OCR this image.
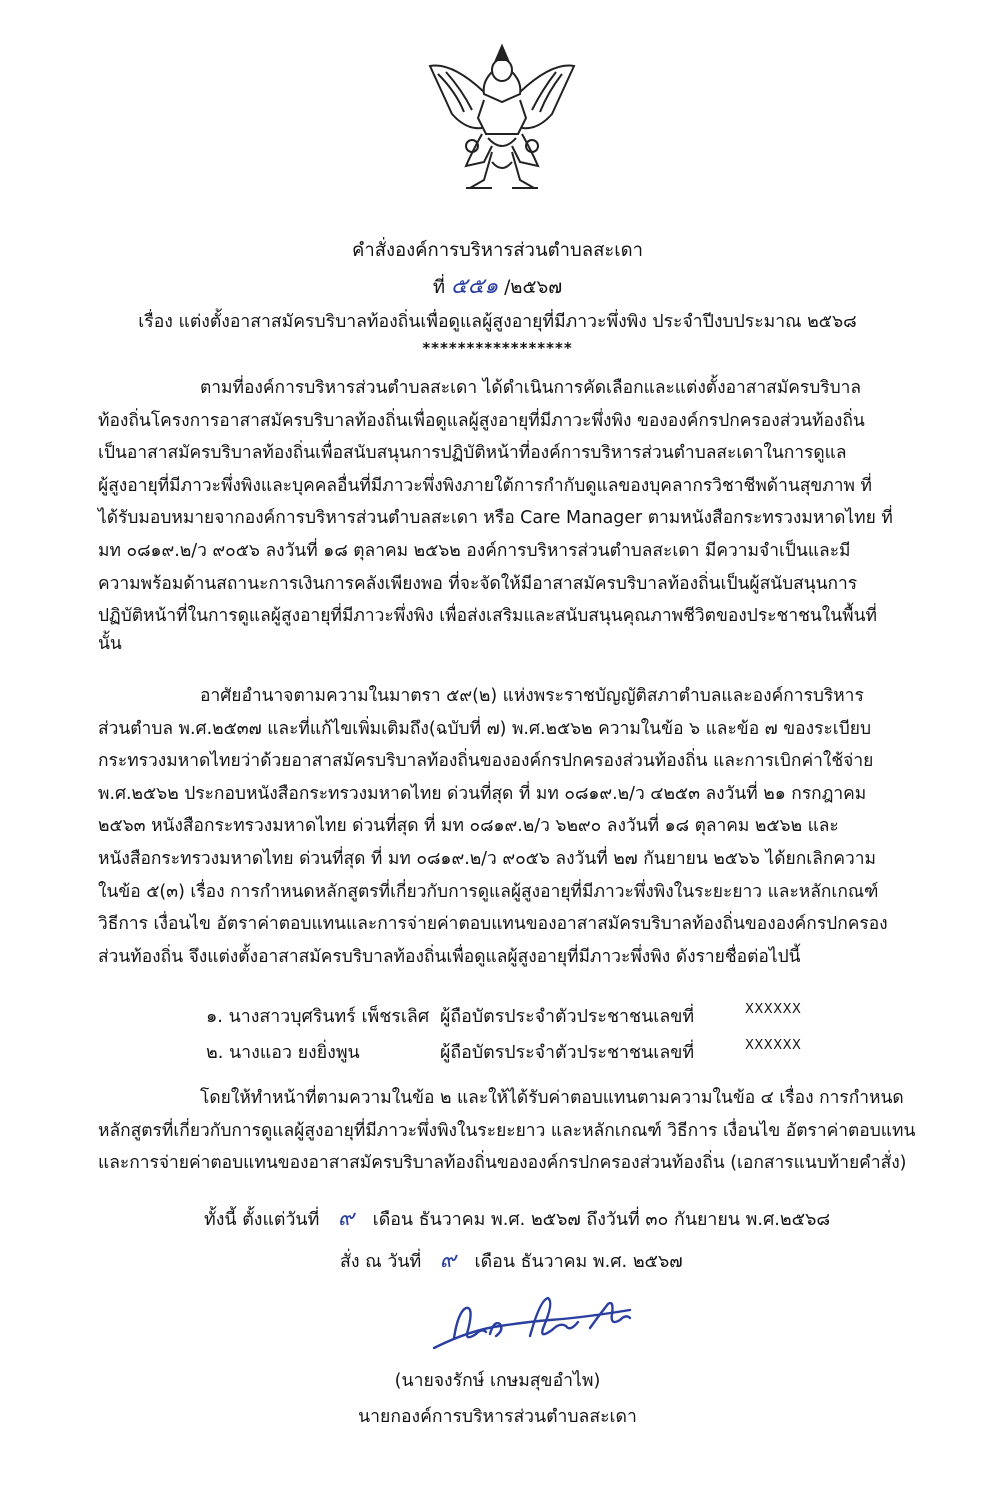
คำสั่งองค์การบริหารส่วนตำบลสะเดา
ที่ ๕๕๑ /๒๕๖๗
เรื่อง แต่งตั้งอาสาสมัครบริบาลท้องถิ่นเพื่อดูแลผู้สูงอายุที่มีภาวะพึ่งพิง ประจำปีงบประมาณ ๒๕๖๘
*****************
ตามที่องค์การบริหารส่วนตำบลสะเดา ได้ดำเนินการคัดเลือกและแต่งตั้งอาสาสมัครบริบาล
ท้องถิ่นโครงการอาสาสมัครบริบาลท้องถิ่นเพื่อดูแลผู้สูงอายุที่มีภาวะพึ่งพิง ขององค์กรปกครองส่วนท้องถิ่น
เป็นอาสาสมัครบริบาลท้องถิ่นเพื่อสนับสนุนการปฏิบัติหน้าที่องค์การบริหารส่วนตำบลสะเดาในการดูแล
ผู้สูงอายุที่มีภาวะพึ่งพิงและบุคคลอื่นที่มีภาวะพึ่งพิงภายใต้การกำกับดูแลของบุคลากรวิชาชีพด้านสุขภาพ ที่
ได้รับมอบหมายจากองค์การบริหารส่วนตำบลสะเดา หรือ Care Manager ตามหนังสือกระทรวงมหาดไทย ที่
มท ๐๘๑๙.๒/ว ๙๐๕๖ ลงวันที่ ๑๘ ตุลาคม ๒๕๖๒ องค์การบริหารส่วนตำบลสะเดา มีความจำเป็นและมี
ความพร้อมด้านสถานะการเงินการคลังเพียงพอ ที่จะจัดให้มีอาสาสมัครบริบาลท้องถิ่นเป็นผู้สนับสนุนการ
ปฏิบัติหน้าที่ในการดูแลผู้สูงอายุที่มีภาวะพึ่งพิง เพื่อส่งเสริมและสนับสนุนคุณภาพชีวิตของประชาชนในพื้นที่
นั้น
อาศัยอำนาจตามความในมาตรา ๕๙(๒) แห่งพระราชบัญญัติสภาตำบลและองค์การบริหาร
ส่วนตำบล พ.ศ.๒๕๓๗ และที่แก้ไขเพิ่มเติมถึง(ฉบับที่ ๗) พ.ศ.๒๕๖๒ ความในข้อ ๖ และข้อ ๗ ของระเบียบ
กระทรวงมหาดไทยว่าด้วยอาสาสมัครบริบาลท้องถิ่นขององค์กรปกครองส่วนท้องถิ่น และการเบิกค่าใช้จ่าย
พ.ศ.๒๕๖๒ ประกอบหนังสือกระทรวงมหาดไทย ด่วนที่สุด ที่ มท ๐๘๑๙.๒/ว ๔๒๕๓ ลงวันที่ ๒๑ กรกฎาคม
๒๕๖๓ หนังสือกระทรวงมหาดไทย ด่วนที่สุด ที่ มท ๐๘๑๙.๒/ว ๖๒๙๐ ลงวันที่ ๑๘ ตุลาคม ๒๕๖๒ และ
หนังสือกระทรวงมหาดไทย ด่วนที่สุด ที่ มท ๐๘๑๙.๒/ว ๙๐๕๖ ลงวันที่ ๒๗ กันยายน ๒๕๖๖ ได้ยกเลิกความ
ในข้อ ๕(๓) เรื่อง การกำหนดหลักสูตรที่เกี่ยวกับการดูแลผู้สูงอายุที่มีภาวะพึ่งพิงในระยะยาว และหลักเกณฑ์
วิธีการ เงื่อนไข อัตราค่าตอบแทนและการจ่ายค่าตอบแทนของอาสาสมัครบริบาลท้องถิ่นขององค์กรปกครอง
ส่วนท้องถิ่น จึงแต่งตั้งอาสาสมัครบริบาลท้องถิ่นเพื่อดูแลผู้สูงอายุที่มีภาวะพึ่งพิง ดังรายชื่อต่อไปนี้
๑. นางสาวบุศรินทร์ เพ็ชรเลิศ ผู้ถือบัตรประจำตัวประชาชนเลขที่	XXXXXX
๒. นางแอว ยงยิ่งพูน	ผู้ถือบัตรประจำตัวประชาชนเลขที่	XXXXXX
โดยให้ทำหน้าที่ตามความในข้อ ๒ และให้ได้รับค่าตอบแทนตามความในข้อ ๔ เรื่อง การกำหนด
หลักสูตรที่เกี่ยวกับการดูแลผู้สูงอายุที่มีภาวะพึ่งพิงในระยะยาว และหลักเกณฑ์ วิธีการ เงื่อนไข อัตราค่าตอบแทน
และการจ่ายค่าตอบแทนของอาสาสมัครบริบาลท้องถิ่นขององค์กรปกครองส่วนท้องถิ่น (เอกสารแนบท้ายคำสั่ง)
ทั้งนี้ ตั้งแต่วันที่ ๙ เดือน ธันวาคม พ.ศ. ๒๕๖๗ ถึงวันที่ ๓๐ กันยายน พ.ศ.๒๕๖๘
สั่ง ณ วันที่ ๙ เดือน ธันวาคม พ.ศ. ๒๕๖๗
(นายจงรักษ์ เกษมสุขอำไพ)
นายกองค์การบริหารส่วนตำบลสะเดา
